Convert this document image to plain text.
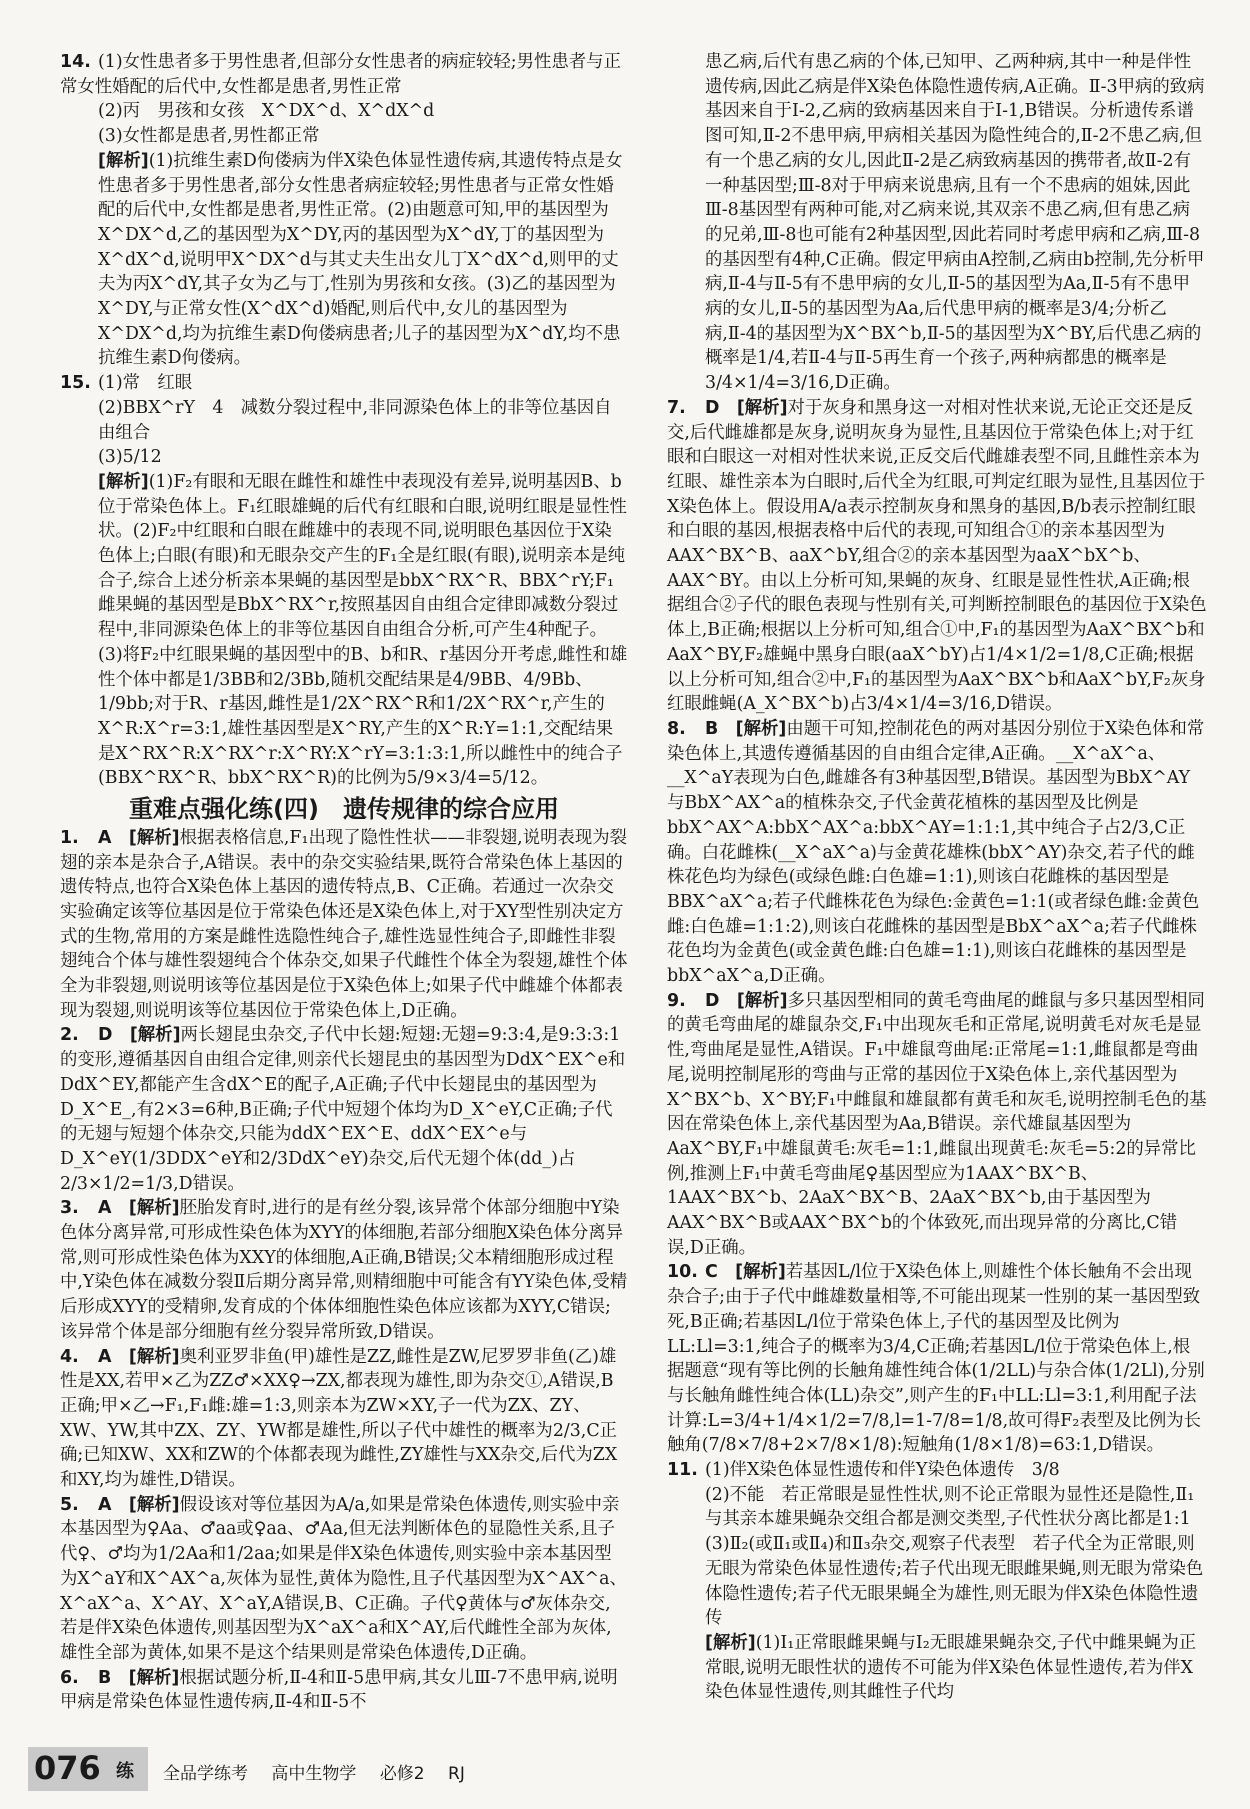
14. (1)女性患者多于男性患者,但部分女性患者的病症较轻;男性患者与正常女性婚配的后代中,女性都是患者,男性正常

(2)丙　男孩和女孩　X^DX^d、X^dX^d

(3)女性都是患者,男性都正常

[解析](1)抗维生素D佝偻病为伴X染色体显性遗传病,其遗传特点是女性患者多于男性患者,部分女性患者病症较轻;男性患者与正常女性婚配的后代中,女性都是患者,男性正常。(2)由题意可知,甲的基因型为X^DX^d,乙的基因型为X^DY,丙的基因型为X^dY,丁的基因型为X^dX^d,说明甲X^DX^d与其丈夫生出女儿丁X^dX^d,则甲的丈夫为丙X^dY,其子女为乙与丁,性别为男孩和女孩。(3)乙的基因型为X^DY,与正常女性(X^dX^d)婚配,则后代中,女儿的基因型为X^DX^d,均为抗维生素D佝偻病患者;儿子的基因型为X^dY,均不患抗维生素D佝偻病。

15. (1)常　红眼

(2)BBX^rY　4　减数分裂过程中,非同源染色体上的非等位基因自由组合

(3)5/12

[解析](1)F₂有眼和无眼在雌性和雄性中表现没有差异,说明基因B、b位于常染色体上。F₁红眼雄蝇的后代有红眼和白眼,说明红眼是显性性状。(2)F₂中红眼和白眼在雌雄中的表现不同,说明眼色基因位于X染色体上;白眼(有眼)和无眼杂交产生的F₁全是红眼(有眼),说明亲本是纯合子,综合上述分析亲本果蝇的基因型是bbX^RX^R、BBX^rY;F₁雌果蝇的基因型是BbX^RX^r,按照基因自由组合定律即减数分裂过程中,非同源染色体上的非等位基因自由组合分析,可产生4种配子。(3)将F₂中红眼果蝇的基因型中的B、b和R、r基因分开考虑,雌性和雄性个体中都是1/3BB和2/3Bb,随机交配结果是4/9BB、4/9Bb、1/9bb;对于R、r基因,雌性是1/2X^RX^R和1/2X^RX^r,产生的X^R:X^r=3:1,雄性基因型是X^RY,产生的X^R:Y=1:1,交配结果是X^RX^R:X^RX^r:X^RY:X^rY=3:1:3:1,所以雌性中的纯合子(BBX^RX^R、bbX^RX^R)的比例为5/9×3/4=5/12。

重难点强化练(四)　遗传规律的综合应用

1. A　 [解析]根据表格信息,F₁出现了隐性性状——非裂翅,说明表现为裂翅的亲本是杂合子,A错误。表中的杂交实验结果,既符合常染色体上基因的遗传特点,也符合X染色体上基因的遗传特点,B、C正确。若通过一次杂交实验确定该等位基因是位于常染色体还是X染色体上,对于XY型性别决定方式的生物,常用的方案是雌性选隐性纯合子,雄性选显性纯合子,即雌性非裂翅纯合个体与雄性裂翅纯合个体杂交,如果子代雌性个体全为裂翅,雄性个体全为非裂翅,则说明该等位基因是位于X染色体上;如果子代中雌雄个体都表现为裂翅,则说明该等位基因位于常染色体上,D正确。

2. D　 [解析]两长翅昆虫杂交,子代中长翅:短翅:无翅=9:3:4,是9:3:3:1的变形,遵循基因自由组合定律,则亲代长翅昆虫的基因型为DdX^EX^e和DdX^EY,都能产生含dX^E的配子,A正确;子代中长翅昆虫的基因型为D_X^E_,有2×3=6种,B正确;子代中短翅个体均为D_X^eY,C正确;子代的无翅与短翅个体杂交,只能为ddX^EX^E、ddX^EX^e与D_X^eY(1/3DDX^eY和2/3DdX^eY)杂交,后代无翅个体(dd_)占2/3×1/2=1/3,D错误。

3. A　 [解析]胚胎发育时,进行的是有丝分裂,该异常个体部分细胞中Y染色体分离异常,可形成性染色体为XYY的体细胞,若部分细胞X染色体分离异常,则可形成性染色体为XXY的体细胞,A正确,B错误;父本精细胞形成过程中,Y染色体在减数分裂Ⅱ后期分离异常,则精细胞中可能含有YY染色体,受精后形成XYY的受精卵,发育成的个体体细胞性染色体应该都为XYY,C错误;该异常个体是部分细胞有丝分裂异常所致,D错误。

4. A　 [解析]奥利亚罗非鱼(甲)雄性是ZZ,雌性是ZW,尼罗罗非鱼(乙)雄性是XX,若甲×乙为ZZ♂×XX♀→ZX,都表现为雄性,即为杂交①,A错误,B正确;甲×乙→F₁,F₁雌:雄=1:3,则亲本为ZW×XY,子一代为ZX、ZY、XW、YW,其中ZX、ZY、YW都是雄性,所以子代中雄性的概率为2/3,C正确;已知XW、XX和ZW的个体都表现为雌性,ZY雄性与XX杂交,后代为ZX和XY,均为雄性,D错误。

5. A　 [解析]假设该对等位基因为A/a,如果是常染色体遗传,则实验中亲本基因型为♀Aa、♂aa或♀aa、♂Aa,但无法判断体色的显隐性关系,且子代♀、♂均为1/2Aa和1/2aa;如果是伴X染色体遗传,则实验中亲本基因型为X^aY和X^AX^a,灰体为显性,黄体为隐性,且子代基因型为X^AX^a、X^aX^a、X^AY、X^aY,A错误,B、C正确。子代♀黄体与♂灰体杂交,若是伴X染色体遗传,则基因型为X^aX^a和X^AY,后代雌性全部为灰体,雄性全部为黄体,如果不是这个结果则是常染色体遗传,D正确。

6. B　 [解析]根据试题分析,Ⅱ-4和Ⅱ-5患甲病,其女儿Ⅲ-7不患甲病,说明甲病是常染色体显性遗传病,Ⅱ-4和Ⅱ-5不

患乙病,后代有患乙病的个体,已知甲、乙两种病,其中一种是伴性遗传病,因此乙病是伴X染色体隐性遗传病,A正确。Ⅱ-3甲病的致病基因来自于Ⅰ-2,乙病的致病基因来自于Ⅰ-1,B错误。分析遗传系谱图可知,Ⅱ-2不患甲病,甲病相关基因为隐性纯合的,Ⅱ-2不患乙病,但有一个患乙病的女儿,因此Ⅱ-2是乙病致病基因的携带者,故Ⅱ-2有一种基因型;Ⅲ-8对于甲病来说患病,且有一个不患病的姐妹,因此Ⅲ-8基因型有两种可能,对乙病来说,其双亲不患乙病,但有患乙病的兄弟,Ⅲ-8也可能有2种基因型,因此若同时考虑甲病和乙病,Ⅲ-8的基因型有4种,C正确。假定甲病由A控制,乙病由b控制,先分析甲病,Ⅱ-4与Ⅱ-5有不患甲病的女儿,Ⅱ-5的基因型为Aa,Ⅱ-5有不患甲病的女儿,Ⅱ-5的基因型为Aa,后代患甲病的概率是3/4;分析乙病,Ⅱ-4的基因型为X^BX^b,Ⅱ-5的基因型为X^BY,后代患乙病的概率是1/4,若Ⅱ-4与Ⅱ-5再生育一个孩子,两种病都患的概率是3/4×1/4=3/16,D正确。

7. D　 [解析]对于灰身和黑身这一对相对性状来说,无论正交还是反交,后代雌雄都是灰身,说明灰身为显性,且基因位于常染色体上;对于红眼和白眼这一对相对性状来说,正反交后代雌雄表型不同,且雌性亲本为红眼、雄性亲本为白眼时,后代全为红眼,可判定红眼为显性,且基因位于X染色体上。假设用A/a表示控制灰身和黑身的基因,B/b表示控制红眼和白眼的基因,根据表格中后代的表现,可知组合①的亲本基因型为AAX^BX^B、aaX^bY,组合②的亲本基因型为aaX^bX^b、AAX^BY。由以上分析可知,果蝇的灰身、红眼是显性性状,A正确;根据组合②子代的眼色表现与性别有关,可判断控制眼色的基因位于X染色体上,B正确;根据以上分析可知,组合①中,F₁的基因型为AaX^BX^b和AaX^BY,F₂雄蝇中黑身白眼(aaX^bY)占1/4×1/2=1/8,C正确;根据以上分析可知,组合②中,F₁的基因型为AaX^BX^b和AaX^bY,F₂灰身红眼雌蝇(A_X^BX^b)占3/4×1/4=3/16,D错误。

8. B　 [解析]由题干可知,控制花色的两对基因分别位于X染色体和常染色体上,其遗传遵循基因的自由组合定律,A正确。__X^aX^a、__X^aY表现为白色,雌雄各有3种基因型,B错误。基因型为BbX^AY与BbX^AX^a的植株杂交,子代金黄花植株的基因型及比例是bbX^AX^A:bbX^AX^a:bbX^AY=1:1:1,其中纯合子占2/3,C正确。白花雌株(__X^aX^a)与金黄花雄株(bbX^AY)杂交,若子代的雌株花色均为绿色(或绿色雌:白色雄=1:1),则该白花雌株的基因型是BBX^aX^a;若子代雌株花色为绿色:金黄色=1:1(或者绿色雌:金黄色雌:白色雄=1:1:2),则该白花雌株的基因型是BbX^aX^a;若子代雌株花色均为金黄色(或金黄色雌:白色雄=1:1),则该白花雌株的基因型是bbX^aX^a,D正确。

9. D　 [解析]多只基因型相同的黄毛弯曲尾的雌鼠与多只基因型相同的黄毛弯曲尾的雄鼠杂交,F₁中出现灰毛和正常尾,说明黄毛对灰毛是显性,弯曲尾是显性,A错误。F₁中雄鼠弯曲尾:正常尾=1:1,雌鼠都是弯曲尾,说明控制尾形的弯曲与正常的基因位于X染色体上,亲代基因型为X^BX^b、X^BY;F₁中雌鼠和雄鼠都有黄毛和灰毛,说明控制毛色的基因在常染色体上,亲代基因型为Aa,B错误。亲代雄鼠基因型为AaX^BY,F₁中雄鼠黄毛:灰毛=1:1,雌鼠出现黄毛:灰毛=5:2的异常比例,推测上F₁中黄毛弯曲尾♀基因型应为1AAX^BX^B、1AAX^BX^b、2AaX^BX^B、2AaX^BX^b,由于基因型为AAX^BX^B或AAX^BX^b的个体致死,而出现异常的分离比,C错误,D正确。

10. C　 [解析]若基因L/l位于X染色体上,则雄性个体长触角不会出现杂合子;由于子代中雌雄数量相等,不可能出现某一性别的某一基因型致死,B正确;若基因L/l位于常染色体上,子代的基因型及比例为LL:Ll=3:1,纯合子的概率为3/4,C正确;若基因L/l位于常染色体上,根据题意“现有等比例的长触角雄性纯合体(1/2LL)与杂合体(1/2Ll),分别与长触角雌性纯合体(LL)杂交”,则产生的F₁中LL:Ll=3:1,利用配子法计算:L=3/4+1/4×1/2=7/8,l=1-7/8=1/8,故可得F₂表型及比例为长触角(7/8×7/8+2×7/8×1/8):短触角(1/8×1/8)=63:1,D错误。

11. (1)伴X染色体显性遗传和伴Y染色体遗传　3/8

(2)不能　若正常眼是显性性状,则不论正常眼为显性还是隐性,Ⅱ₁与其亲本雄果蝇杂交组合都是测交类型,子代性状分离比都是1:1

(3)Ⅱ₂(或Ⅱ₁或Ⅱ₄)和Ⅱ₃杂交,观察子代表型　若子代全为正常眼,则无眼为常染色体显性遗传;若子代出现无眼雌果蝇,则无眼为常染色体隐性遗传;若子代无眼果蝇全为雄性,则无眼为伴X染色体隐性遗传

[解析](1)Ⅰ₁正常眼雌果蝇与Ⅰ₂无眼雄果蝇杂交,子代中雌果蝇为正常眼,说明无眼性状的遗传不可能为伴X染色体显性遗传,若为伴X染色体显性遗传,则其雌性子代均

076 练 全品学练考 高中生物学 必修2 RJ
